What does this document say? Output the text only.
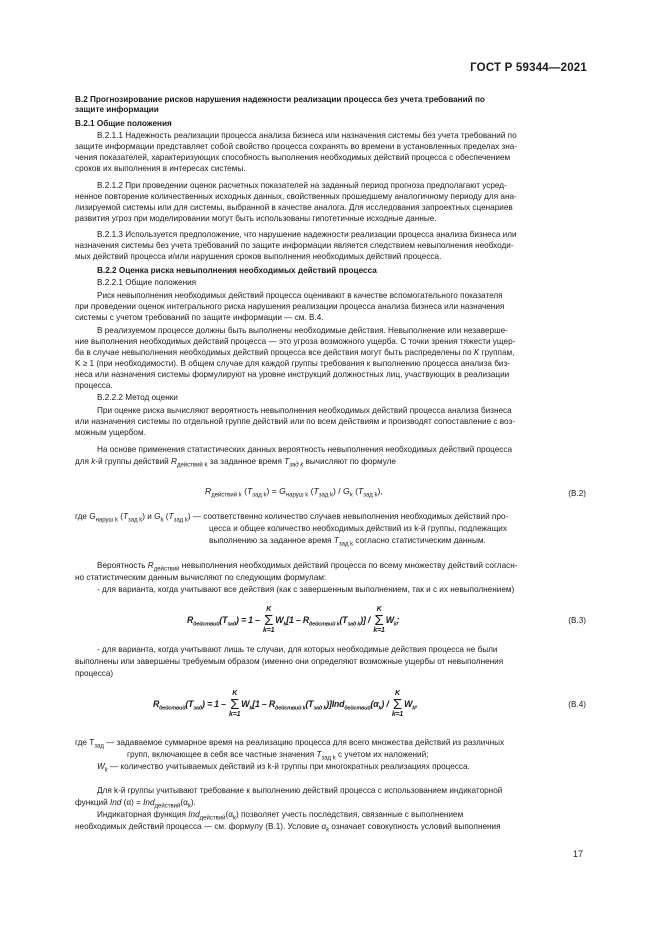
ГОСТ Р 59344—2021
В.2 Прогнозирование рисков нарушения надежности реализации процесса без учета требований по
защите информации
В.2.1 Общие положения
В.2.1.1 Надежность реализации процесса анализа бизнеса или назначения системы без учета требований по
защите информации представляет собой свойство процесса сохранять во времени в установленных пределах зна-
чения показателей, характеризующих способность выполнения необходимых действий процесса с обеспечением
сроков их выполнения в интересах системы.
В.2.1.2 При проведении оценок расчетных показателей на заданный период прогноза предполагают усред-
ненное повторение количественных исходных данных, свойственных прошедшему аналогичному периоду для ана-
лизируемой системы или для системы, выбранной в качестве аналога. Для исследования запроектных сценариев
развития угроз при моделировании могут быть использованы гипотетичные исходные данные.
В.2.1.3 Используется предположение, что нарушение надежности реализации процесса анализа бизнеса или
назначения системы без учета требований по защите информации является следствием невыполнения необходи-
мых действий процесса и/или нарушения сроков выполнения необходимых действий процесса.
В.2.2 Оценка риска невыполнения необходимых действий процесса
В.2.2.1 Общие положения
Риск невыполнения необходимых действий процесса оценивают в качестве вспомогательного показателя
при проведении оценок интегрального риска нарушения реализации процесса анализа бизнеса или назначения
системы с учетом требований по защите информации — см. В.4.
В реализуемом процессе должны быть выполнены необходимые действия. Невыполнение или незаверше-
ние выполнения необходимых действий процесса — это угроза возможного ущерба. С точки зрения тяжести ущер-
ба в случае невыполнения необходимых действий процесса все действия могут быть распределены по K группам,
K ≥ 1 (при необходимости). В общем случае для каждой группы требования к выполнению процесса анализа биз-
неса или назначения системы формулируют на уровне инструкций должностных лиц, участвующих в реализации
процесса.
В.2.2.2 Метод оценки
При оценке риска вычисляют вероятность невыполнения необходимых действий процесса анализа бизнеса
или назначения системы по отдельной группе действий или по всем действиям и производят сопоставление с воз-
можным ущербом.
На основе применения статистических данных вероятность невыполнения необходимых действий процесса
для k-й группы действий $R_{действий k}$ за заданное время $T_{зад k}$ вычисляют по формуле
$R_{действий k}$ $(T_{зад k}) = G_{наруш k}$ $(T_{зад k}) / G_k$ $(T_{зад k})$,	(В.2)
где $G_{наруш k}$ $(T_{зад k})$ и $G_k$ $(T_{зад k})$ — соответственно количество случаев невыполнения необходимых действий про-
цесса и общее количество необходимых действий из k-й группы, подлежащих
выполнению за заданное время $T_{зад k}$ согласно статистическим данным.
Вероятность $R_{действий}$ невыполнения необходимых действий процесса по всему множеству действий согласн-
но статистическим данным вычисляют по следующим формулам:
- для варианта, когда учитывают все действия (как с завершенным выполнением, так и с их невыполнением)
$R_{действий}(T_{зад}) = 1$ –
K
Σ
k=1
$W_k[1 - R_{действий k}(T_{зад k})]$ /
K
Σ
k=1
$W_k$;	(В.3)
- для варианта, когда учитывают лишь те случаи, для которых необходимые действия процесса не были
выполнены или завершены требуемым образом (именно они определяют возможные ущербы от невыполнения
процесса)
$R_{действий}(T_{зад}) = 1$ –
K
Σ
k=1
$W_k[1 - R_{действий k}(T_{зад k})]Ind_{действий}(\alpha_k)$ /
K
Σ
k=1
$W_k$,	(В.4)
где $T_{зад}$ — задаваемое суммарное время на реализацию процесса для всего множества действий из различных
групп, включающее в себя все частные значения $T_{зад k}$ с учетом их наложений;
$W_k$ — количество учитываемых действий из k-й группы при многократных реализациях процесса.
Для k-й группы учитывают требование к выполнению действий процесса с использованием индикаторной
функций Ind $(\alpha) = Ind_{действий}(\alpha_k)$.
Индикаторная функция $Ind_{действий}(\alpha_k)$ позволяет учесть последствия, связанные с выполнением
необходимых действий процесса — см. формулу (В.1). Условие $\alpha_k$ означает совокупность условий выполнения
17
